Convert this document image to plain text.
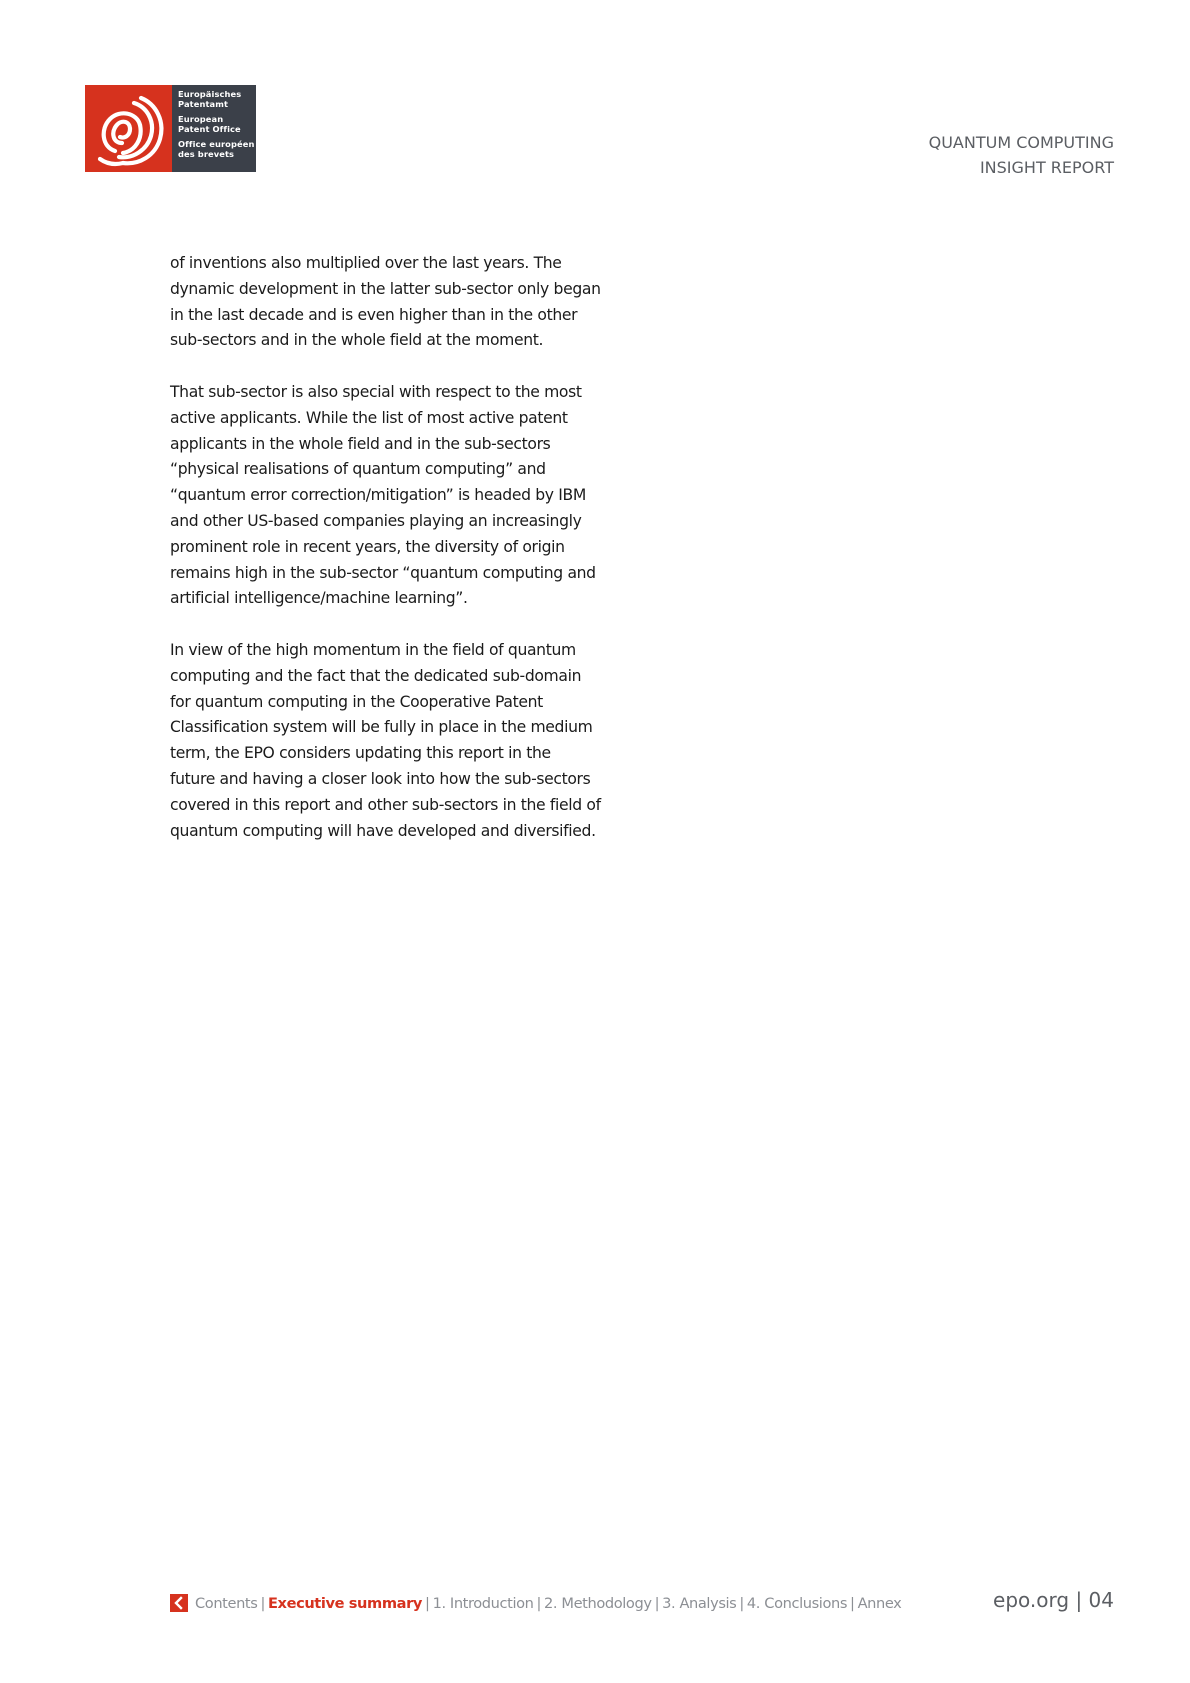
Europäisches
Patentamt
European
Patent Office
Office européen
des brevets
QUANTUM COMPUTING
INSIGHT REPORT

of inventions also multiplied over the last years. The
dynamic development in the latter sub-sector only began
in the last decade and is even higher than in the other
sub-sectors and in the whole field at the moment.

That sub-sector is also special with respect to the most
active applicants. While the list of most active patent
applicants in the whole field and in the sub-sectors
“physical realisations of quantum computing” and
“quantum error correction/mitigation” is headed by IBM
and other US-based companies playing an increasingly
prominent role in recent years, the diversity of origin
remains high in the sub-sector “quantum computing and
artificial intelligence/machine learning”.

In view of the high momentum in the field of quantum
computing and the fact that the dedicated sub-domain
for quantum computing in the Cooperative Patent
Classification system will be fully in place in the medium
term, the EPO considers updating this report in the
future and having a closer look into how the sub-sectors
covered in this report and other sub-sectors in the field of
quantum computing will have developed and diversified.

Contents | Executive summary | 1. Introduction | 2. Methodology | 3. Analysis | 4. Conclusions | Annex	epo.org | 04
